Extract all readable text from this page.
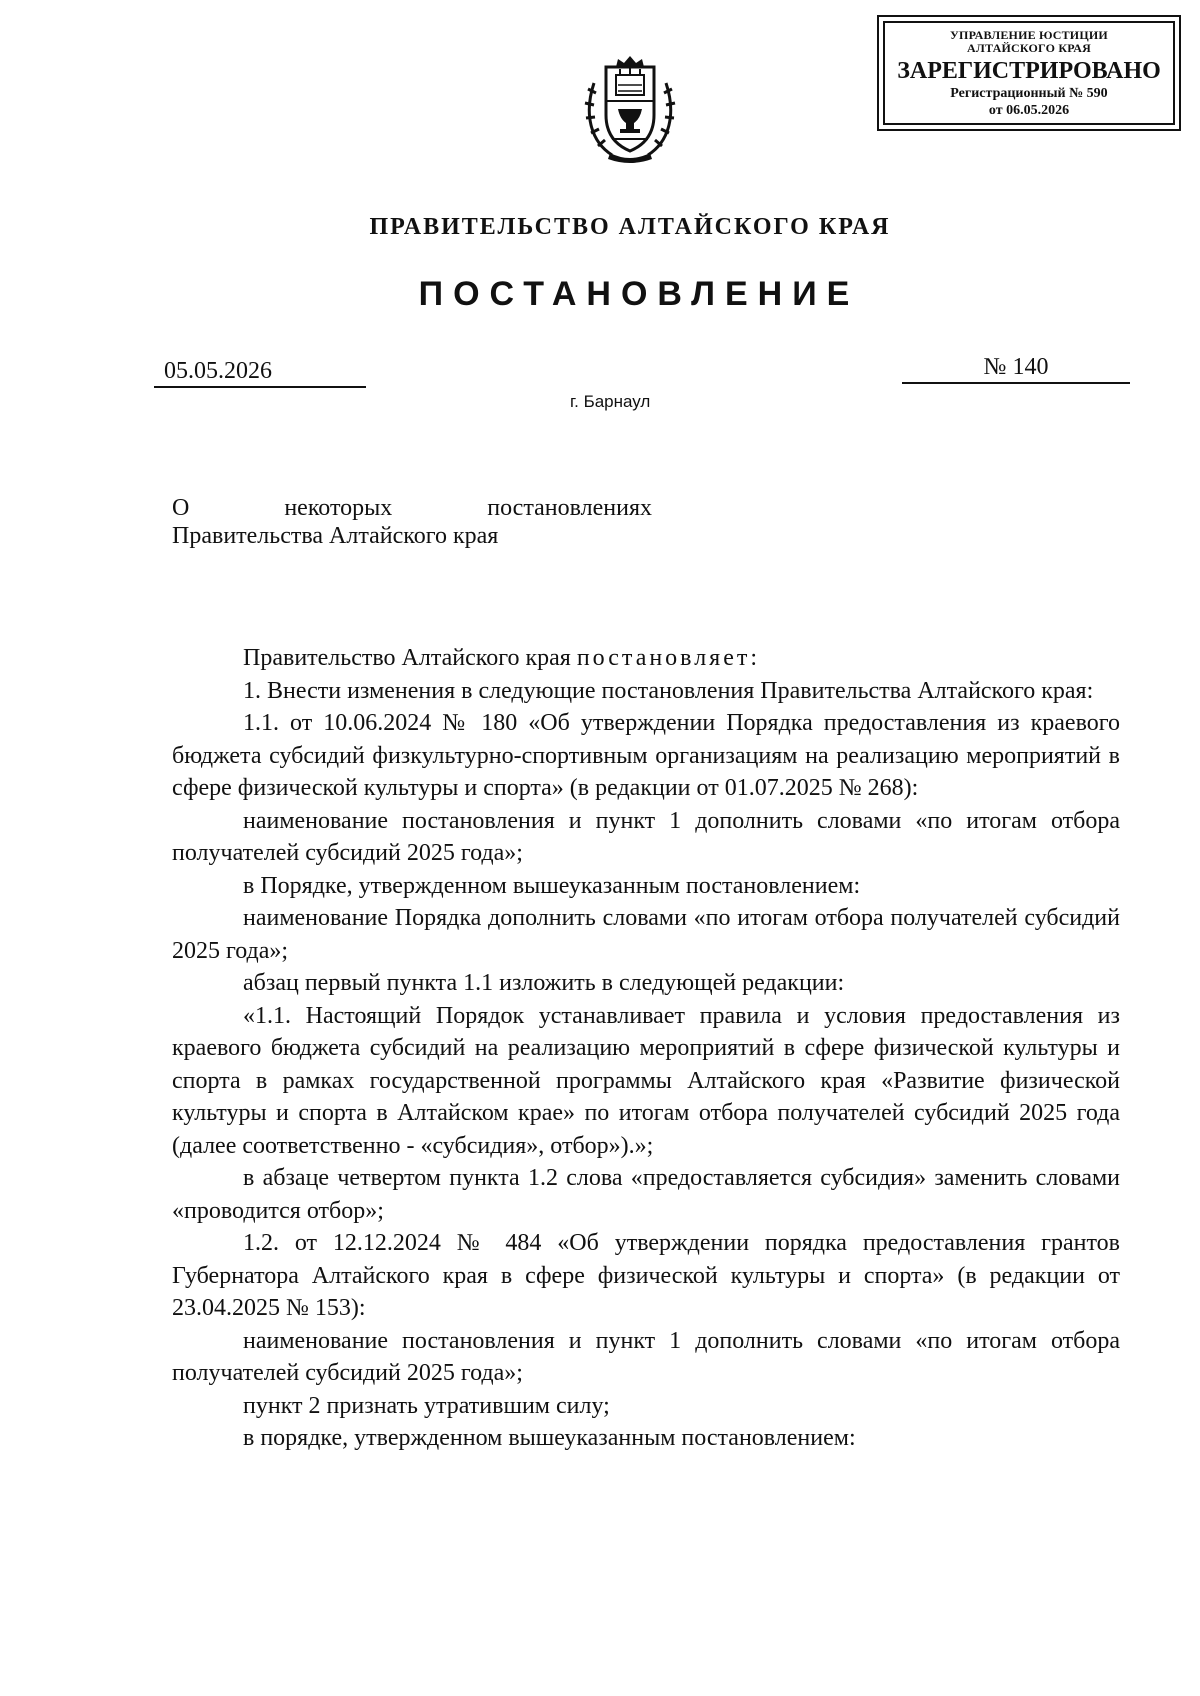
УПРАВЛЕНИЕ ЮСТИЦИИ
АЛТАЙСКОГО КРАЯ
ЗАРЕГИСТРИРОВАНО
Регистрационный № 590
от 06.05.2026
ПРАВИТЕЛЬСТВО АЛТАЙСКОГО КРАЯ
ПОСТАНОВЛЕНИЕ
05.05.2026	№ 140
г. Барнаул
О	некоторых	постановлениях
Правительства Алтайского края

Правительство Алтайского края постановляет:

1. Внести изменения в следующие постановления Правительства Алтайского края:

1.1. от 10.06.2024 № 180 «Об утверждении Порядка предоставления из краевого бюджета субсидий физкультурно-спортивным организациям на реализацию мероприятий в сфере физической культуры и спорта» (в редакции от 01.07.2025 № 268):

наименование постановления и пункт 1 дополнить словами «по итогам отбора получателей субсидий 2025 года»;

в Порядке, утвержденном вышеуказанным постановлением:

наименование Порядка дополнить словами «по итогам отбора получателей субсидий 2025 года»;

абзац первый пункта 1.1 изложить в следующей редакции:

«1.1. Настоящий Порядок устанавливает правила и условия предоставления из краевого бюджета субсидий на реализацию мероприятий в сфере физической культуры и спорта в рамках государственной программы Алтайского края «Развитие физической культуры и спорта в Алтайском крае» по итогам отбора получателей субсидий 2025 года (далее соответственно - «субсидия», отбор»).»;

в абзаце четвертом пункта 1.2 слова «предоставляется субсидия» заменить словами «проводится отбор»;

1.2. от 12.12.2024 № 484 «Об утверждении порядка предоставления грантов Губернатора Алтайского края в сфере физической культуры и спорта» (в редакции от 23.04.2025 № 153):

наименование постановления и пункт 1 дополнить словами «по итогам отбора получателей субсидий 2025 года»;

пункт 2 признать утратившим силу;

в порядке, утвержденном вышеуказанным постановлением:
